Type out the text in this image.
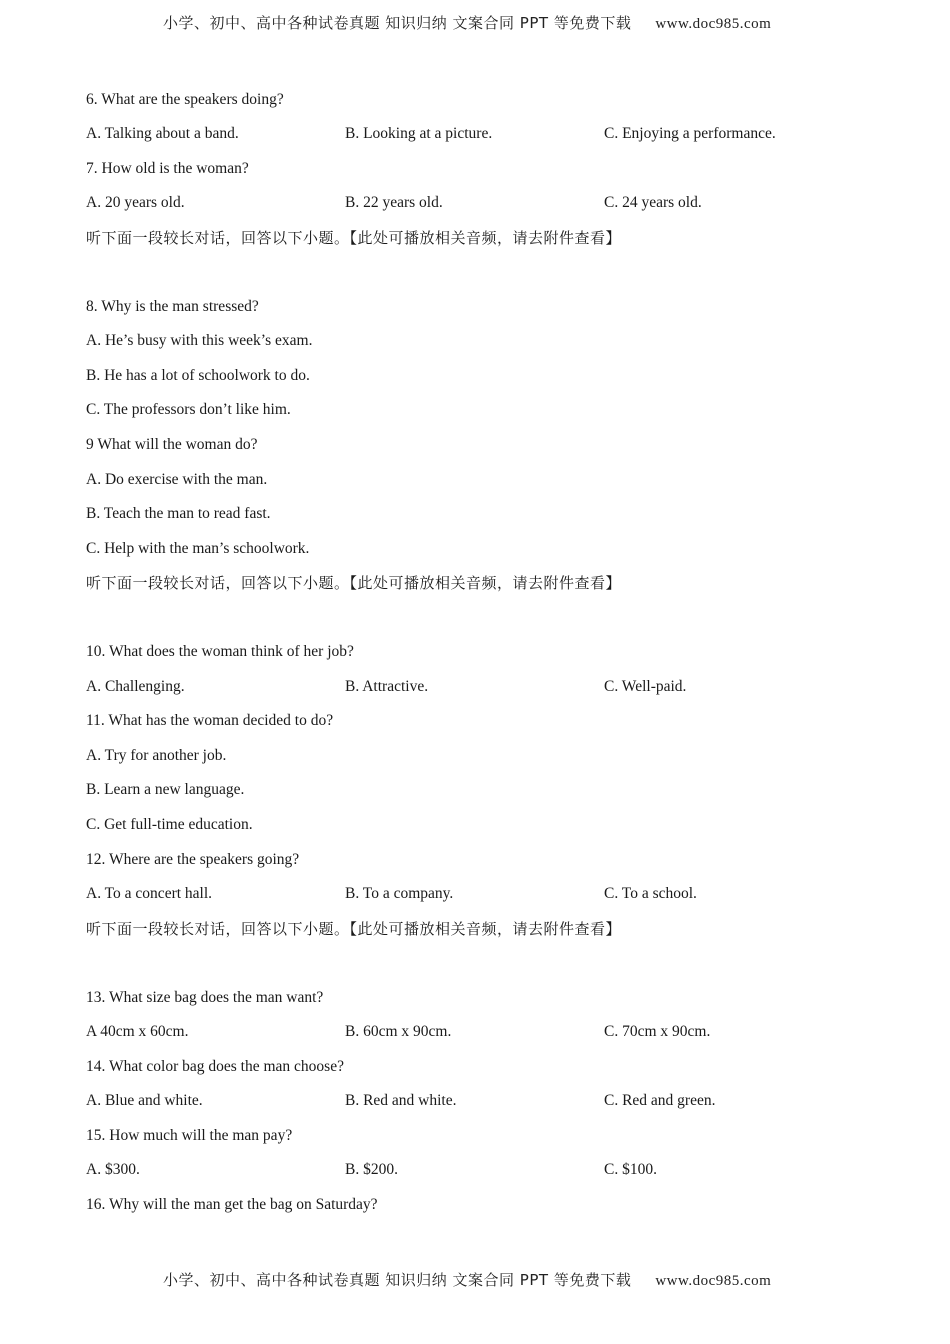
小学、初中、高中各种试卷真题 知识归纳 文案合同 PPT 等免费下载 www.doc985.com
6. What are the speakers doing?
A. Talking about a band.	B. Looking at a picture.	C. Enjoying a performance.
7. How old is the woman?
A. 20 years old.	B. 22 years old.	C. 24 years old.
听下面一段较长对话，回答以下小题。【此处可播放相关音频，请去附件查看】
8. Why is the man stressed?
A. He’s busy with this week’s exam.
B. He has a lot of schoolwork to do.
C. The professors don’t like him.
9 What will the woman do?
A. Do exercise with the man.
B. Teach the man to read fast.
C. Help with the man’s schoolwork.
听下面一段较长对话，回答以下小题。【此处可播放相关音频，请去附件查看】
10. What does the woman think of her job?
A. Challenging.	B. Attractive.	C. Well-paid.
11. What has the woman decided to do?
A. Try for another job.
B. Learn a new language.
C. Get full-time education.
12. Where are the speakers going?
A. To a concert hall.	B. To a company.	C. To a school.
听下面一段较长对话，回答以下小题。【此处可播放相关音频，请去附件查看】
13. What size bag does the man want?
A 40cm x 60cm.	B. 60cm x 90cm.	C. 70cm x 90cm.
14. What color bag does the man choose?
A. Blue and white.	B. Red and white.	C. Red and green.
15. How much will the man pay?
A. $300.	B. $200.	C. $100.
16. Why will the man get the bag on Saturday?
小学、初中、高中各种试卷真题 知识归纳 文案合同 PPT 等免费下载 www.doc985.com
